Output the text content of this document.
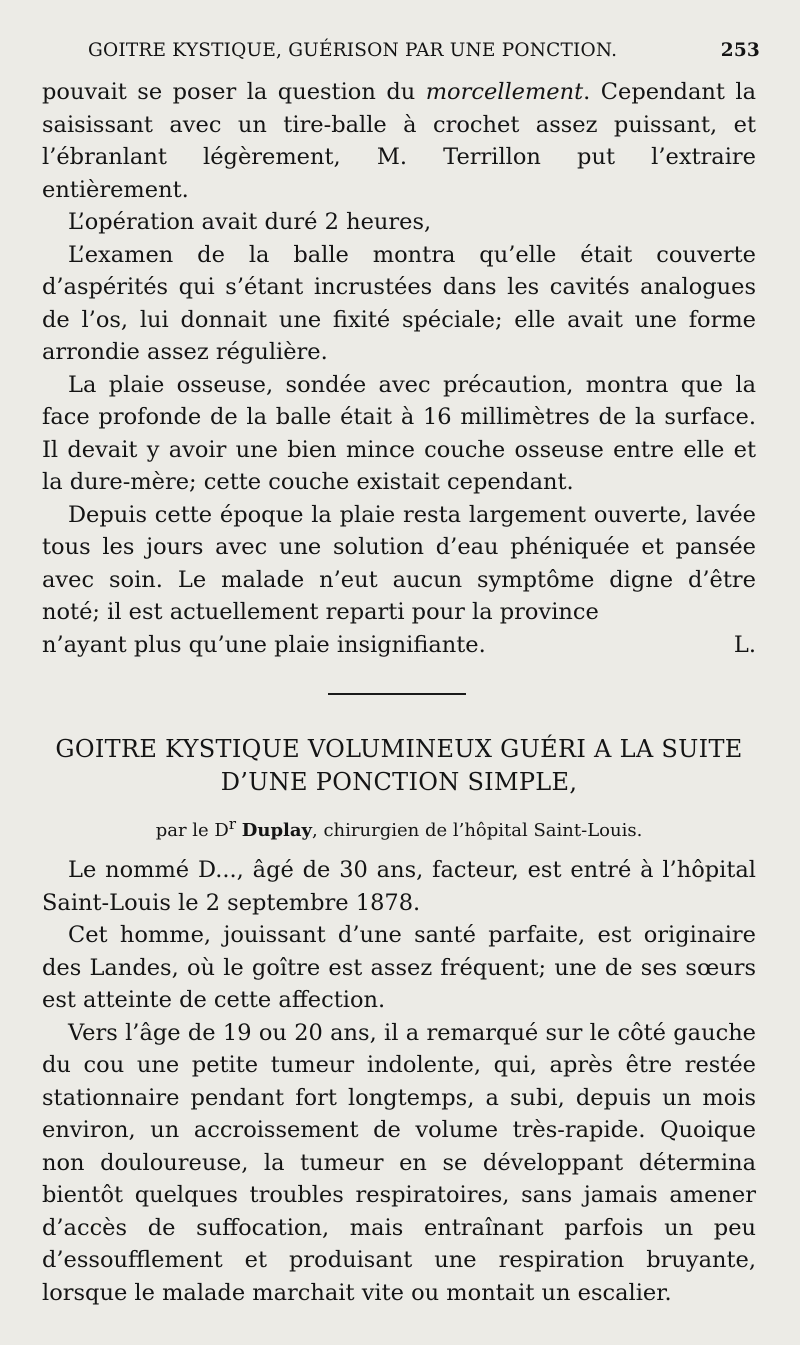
GOITRE KYSTIQUE, GUÉRISON PAR UNE PONCTION.	253

pouvait se poser la question du morcellement. Cependant la saisissant avec un tire-balle à crochet assez puissant, et l’ébranlant légèrement, M. Terrillon put l’extraire entièrement.

L’opération avait duré 2 heures,

L’examen de la balle montra qu’elle était couverte d’aspérités qui s’étant incrustées dans les cavités analogues de l’os, lui donnait une fixité spéciale; elle avait une forme arrondie assez régulière.

La plaie osseuse, sondée avec précaution, montra que la face profonde de la balle était à 16 millimètres de la surface. Il devait y avoir une bien mince couche osseuse entre elle et la dure-mère; cette couche existait cependant.

Depuis cette époque la plaie resta largement ouverte, lavée tous les jours avec une solution d’eau phéniquée et pansée avec soin. Le malade n’eut aucun symptôme digne d’être noté; il est actuellement reparti pour la province

n’ayant plus qu’une plaie insignifiante.	L.
GOITRE KYSTIQUE VOLUMINEUX GUÉRI A LA SUITE
D’UNE PONCTION SIMPLE,
par le $D^r$ Duplay, chirurgien de l’hôpital Saint-Louis.

Le nommé D..., âgé de 30 ans, facteur, est entré à l’hôpital Saint-Louis le 2 septembre 1878.

Cet homme, jouissant d’une santé parfaite, est originaire des Landes, où le goître est assez fréquent; une de ses sœurs est atteinte de cette affection.

Vers l’âge de 19 ou 20 ans, il a remarqué sur le côté gauche du cou une petite tumeur indolente, qui, après être restée stationnaire pendant fort longtemps, a subi, depuis un mois environ, un accroissement de volume très-rapide. Quoique non douloureuse, la tumeur en se développant détermina bientôt quelques troubles respiratoires, sans jamais amener d’accès de suffocation, mais entraînant parfois un peu d’essoufflement et produisant une respiration bruyante, lorsque le malade marchait vite ou montait un escalier.
